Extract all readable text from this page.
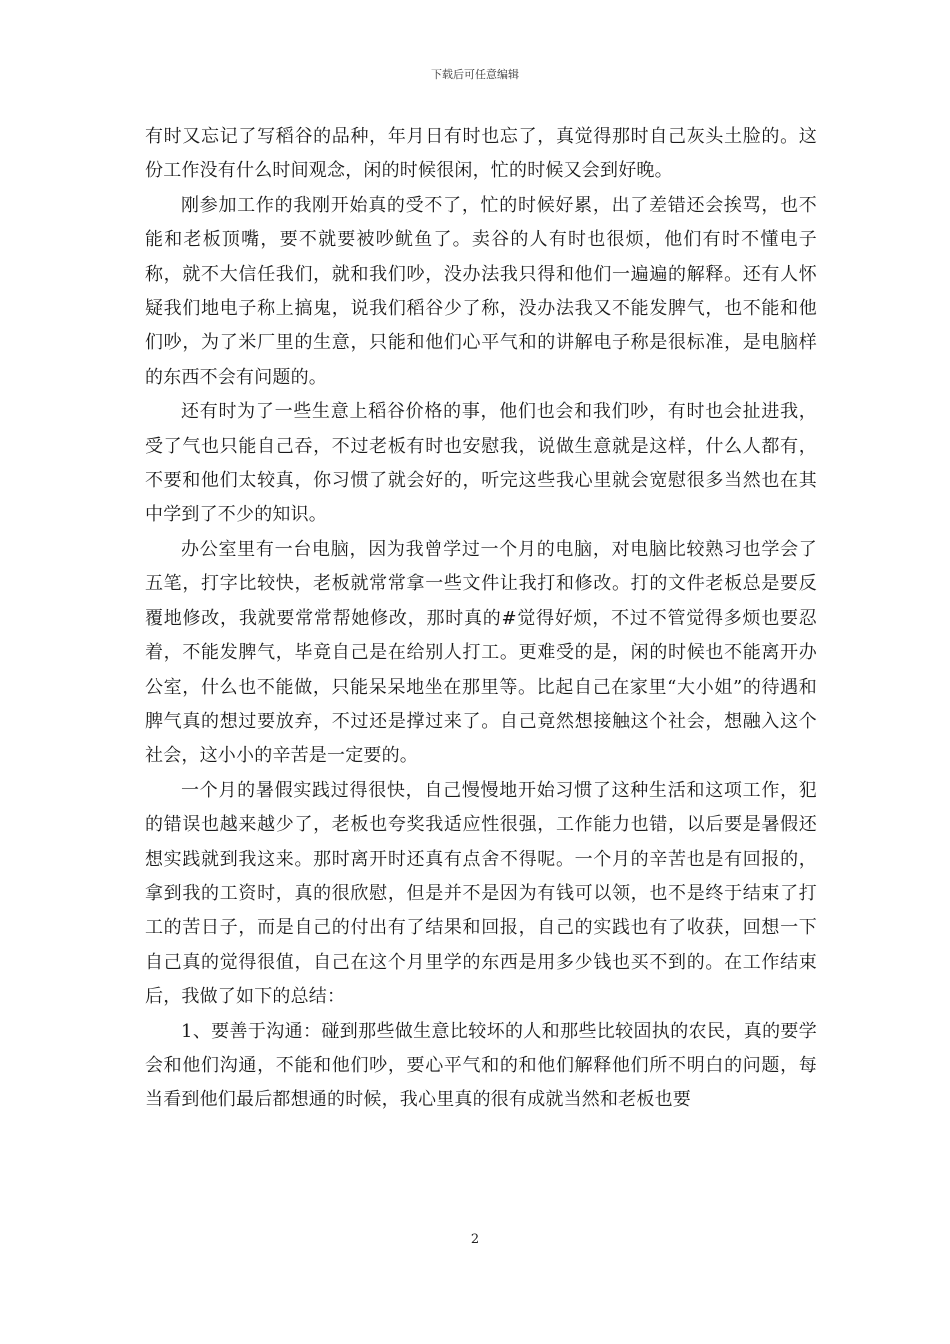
下载后可任意编辑

有时又忘记了写稻谷的品种，年月日有时也忘了，真觉得那时自己灰头土脸的。这份工作没有什么时间观念，闲的时候很闲，忙的时候又会到好晚。

刚参加工作的我刚开始真的受不了，忙的时候好累，出了差错还会挨骂，也不能和老板顶嘴，要不就要被吵鱿鱼了。卖谷的人有时也很烦，他们有时不懂电子称，就不大信任我们，就和我们吵，没办法我只得和他们一遍遍的解释。还有人怀疑我们地电子称上搞鬼，说我们稻谷少了称，没办法我又不能发脾气，也不能和他们吵，为了米厂里的生意，只能和他们心平气和的讲解电子称是很标准，是电脑样的东西不会有问题的。

还有时为了一些生意上稻谷价格的事，他们也会和我们吵，有时也会扯进我，受了气也只能自己吞，不过老板有时也安慰我，说做生意就是这样，什么人都有，不要和他们太较真，你习惯了就会好的，听完这些我心里就会宽慰很多当然也在其中学到了不少的知识。

办公室里有一台电脑，因为我曾学过一个月的电脑，对电脑比较熟习也学会了五笔，打字比较快，老板就常常拿一些文件让我打和修改。打的文件老板总是要反覆地修改，我就要常常帮她修改，那时真的#觉得好烦，不过不管觉得多烦也要忍着，不能发脾气，毕竟自己是在给别人打工。更难受的是，闲的时候也不能离开办公室，什么也不能做，只能呆呆地坐在那里等。比起自己在家里“大小姐”的待遇和脾气真的想过要放弃，不过还是撑过来了。自己竟然想接触这个社会，想融入这个社会，这小小的辛苦是一定要的。

一个月的暑假实践过得很快，自己慢慢地开始习惯了这种生活和这项工作，犯的错误也越来越少了，老板也夸奖我适应性很强，工作能力也错，以后要是暑假还想实践就到我这来。那时离开时还真有点舍不得呢。一个月的辛苦也是有回报的，拿到我的工资时，真的很欣慰，但是并不是因为有钱可以领，也不是终于结束了打工的苦日子，而是自己的付出有了结果和回报，自己的实践也有了收获，回想一下自己真的觉得很值，自己在这个月里学的东西是用多少钱也买不到的。在工作结束后，我做了如下的总结：

1、要善于沟通：碰到那些做生意比较坏的人和那些比较固执的农民，真的要学会和他们沟通，不能和他们吵，要心平气和的和他们解释他们所不明白的问题，每当看到他们最后都想通的时候，我心里真的很有成就当然和老板也要

2
